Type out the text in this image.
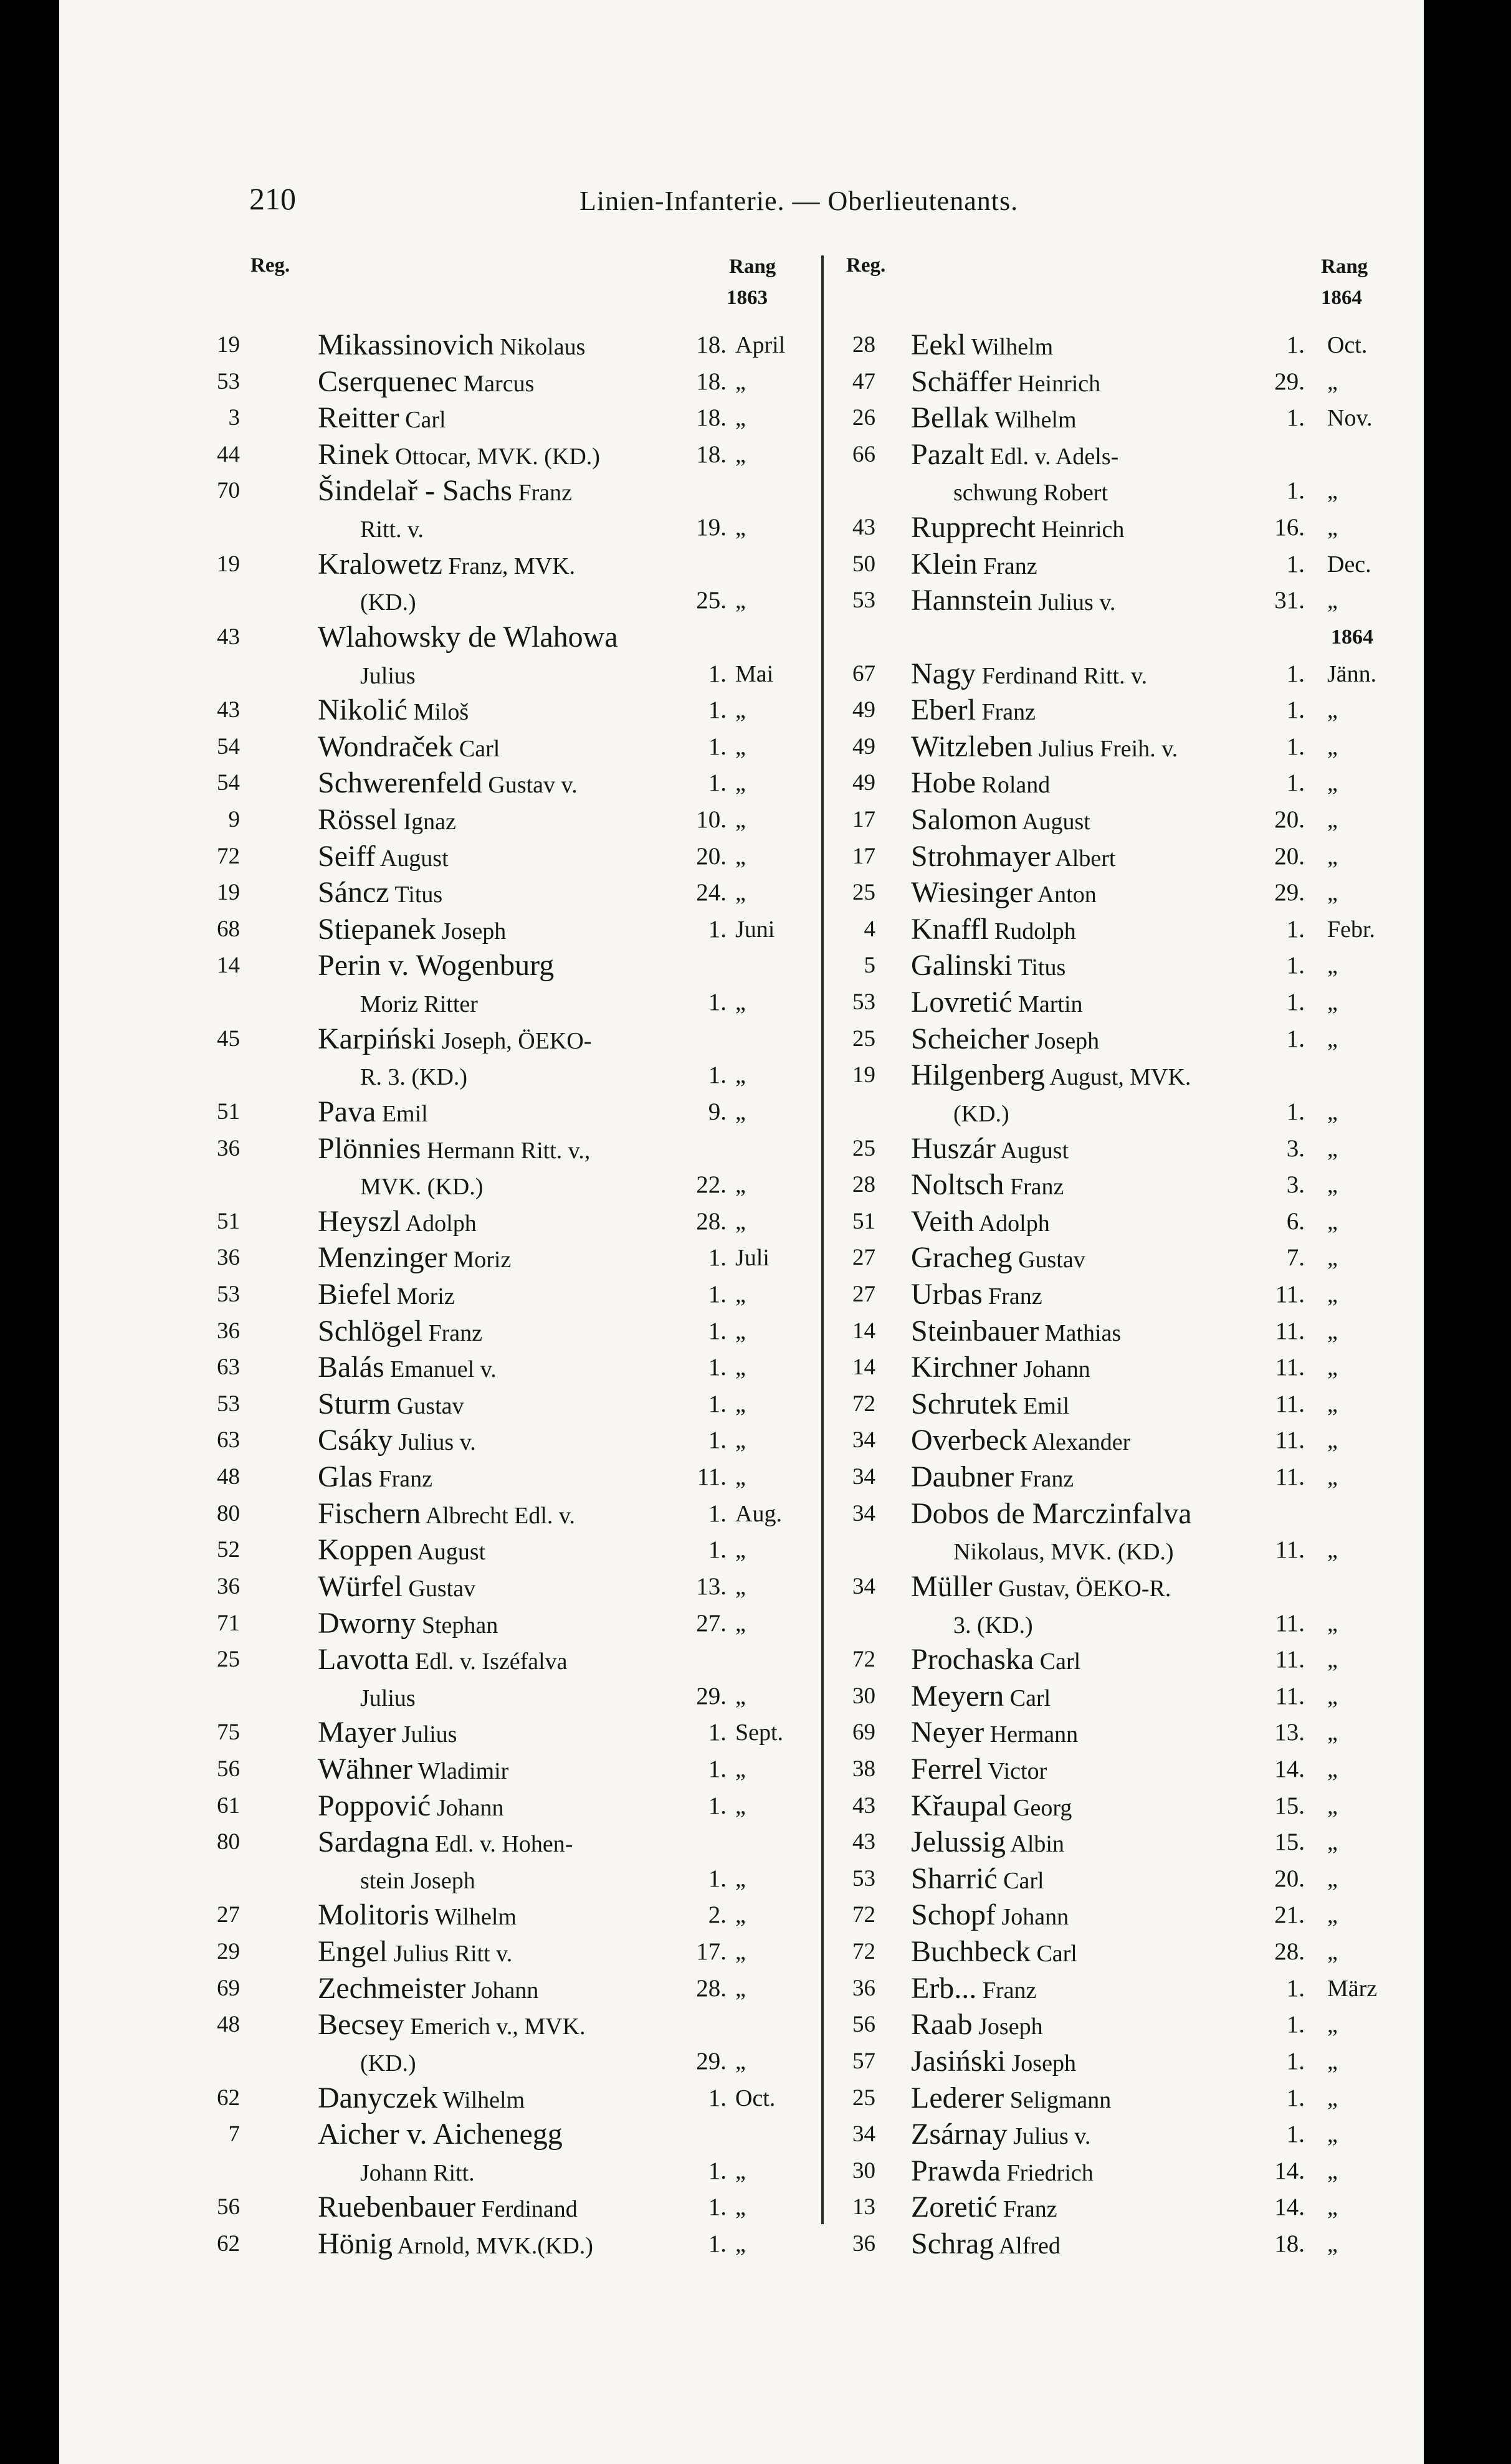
210	Linien-Infanterie. — Oberlieutenants.
Reg.	Rang
1863
Reg.	Rang
1864
19	Mikassinovich Nikolaus	18. April
53	Cserquenec Marcus	18. „
3	Reitter Carl	18. „
44	Rinek Ottocar, MVK. (KD.)	18. „
70	Šindelař - Sachs Franz
Ritt. v.	19. „
19	Kralowetz Franz, MVK.
(KD.)	25. „
43	Wlahowsky de Wlahowa
Julius	1. Mai
43	Nikolić Miloš	1. „
54	Wondraček Carl	1. „
54	Schwerenfeld Gustav v.	1. „
9	Rössel Ignaz	10. „
72	Seiff August	20. „
19	Sáncz Titus	24. „
68	Stiepanek Joseph	1. Juni
14	Perin v. Wogenburg
Moriz Ritter	1. „
45	Karpiński Joseph, ÖEKO-
R. 3. (KD.)	1. „
51	Pava Emil	9. „
36	Plönnies Hermann Ritt. v.,
MVK. (KD.)	22. „
51	Heyszl Adolph	28. „
36	Menzinger Moriz	1. Juli
53	Biefel Moriz	1. „
36	Schlögel Franz	1. „
63	Balás Emanuel v.	1. „
53	Sturm Gustav	1. „
63	Csáky Julius v.	1. „
48	Glas Franz	11. „
80	Fischern Albrecht Edl. v.	1. Aug.
52	Koppen August	1. „
36	Würfel Gustav	13. „
71	Dworny Stephan	27. „
25	Lavotta Edl. v. Iszéfalva
Julius	29. „
75	Mayer Julius	1. Sept.
56	Wähner Wladimir	1. „
61	Poppović Johann	1. „
80	Sardagna Edl. v. Hohen-
stein Joseph	1. „
27	Molitoris Wilhelm	2. „
29	Engel Julius Ritt v.	17. „
69	Zechmeister Johann	28. „
48	Becsey Emerich v., MVK.
(KD.)	29. „
62	Danyczek Wilhelm	1. Oct.
7	Aicher v. Aichenegg
Johann Ritt.	1. „
56	Ruebenbauer Ferdinand	1. „
62	Hönig Arnold, MVK.(KD.)	1. „
28 Eekl Wilhelm	1. Oct.
47 Schäffer Heinrich	29. „
26 Bellak Wilhelm	1. Nov.
66 Pazalt Edl. v. Adels-
schwung Robert	1. „
43 Rupprecht Heinrich	16. „
50 Klein Franz	1. Dec.
53 Hannstein Julius v.	31. „
1864
67 Nagy Ferdinand Ritt. v.	1. Jänn.
49 Eberl Franz	1. „
49 Witzleben Julius Freih. v.	1. „
49 Hobe Roland	1. „
17 Salomon August	20. „
17 Strohmayer Albert	20. „
25 Wiesinger Anton	29. „
4 Knaffl Rudolph	1. Febr.
5 Galinski Titus	1. „
53 Lovretić Martin	1. „
25 Scheicher Joseph	1. „
19 Hilgenberg August, MVK.
(KD.)	1. „
25 Huszár August	3. „
28 Noltsch Franz	3. „
51 Veith Adolph	6. „
27 Gracheg Gustav	7. „
27 Urbas Franz	11. „
14 Steinbauer Mathias	11. „
14 Kirchner Johann	11. „
72 Schrutek Emil	11. „
34 Overbeck Alexander	11. „
34 Daubner Franz	11. „
34 Dobos de Marczinfalva
Nikolaus, MVK. (KD.)	11. „
34 Müller Gustav, ÖEKO-R.
3. (KD.)	11. „
72 Prochaska Carl	11. „
30 Meyern Carl	11. „
69 Neyer Hermann	13. „
38 Ferrel Victor	14. „
43 Křaupal Georg	15. „
43 Jelussig Albin	15. „
53 Sharrić Carl	20. „
72 Schopf Johann	21. „
72 Buchbeck Carl	28. „
36 Erb... Franz	1. März
56 Raab Joseph	1. „
57 Jasiński Joseph	1. „
25 Lederer Seligmann	1. „
34 Zsárnay Julius v.	1. „
30 Prawda Friedrich	14. „
13 Zoretić Franz	14. „
36 Schrag Alfred	18. „
